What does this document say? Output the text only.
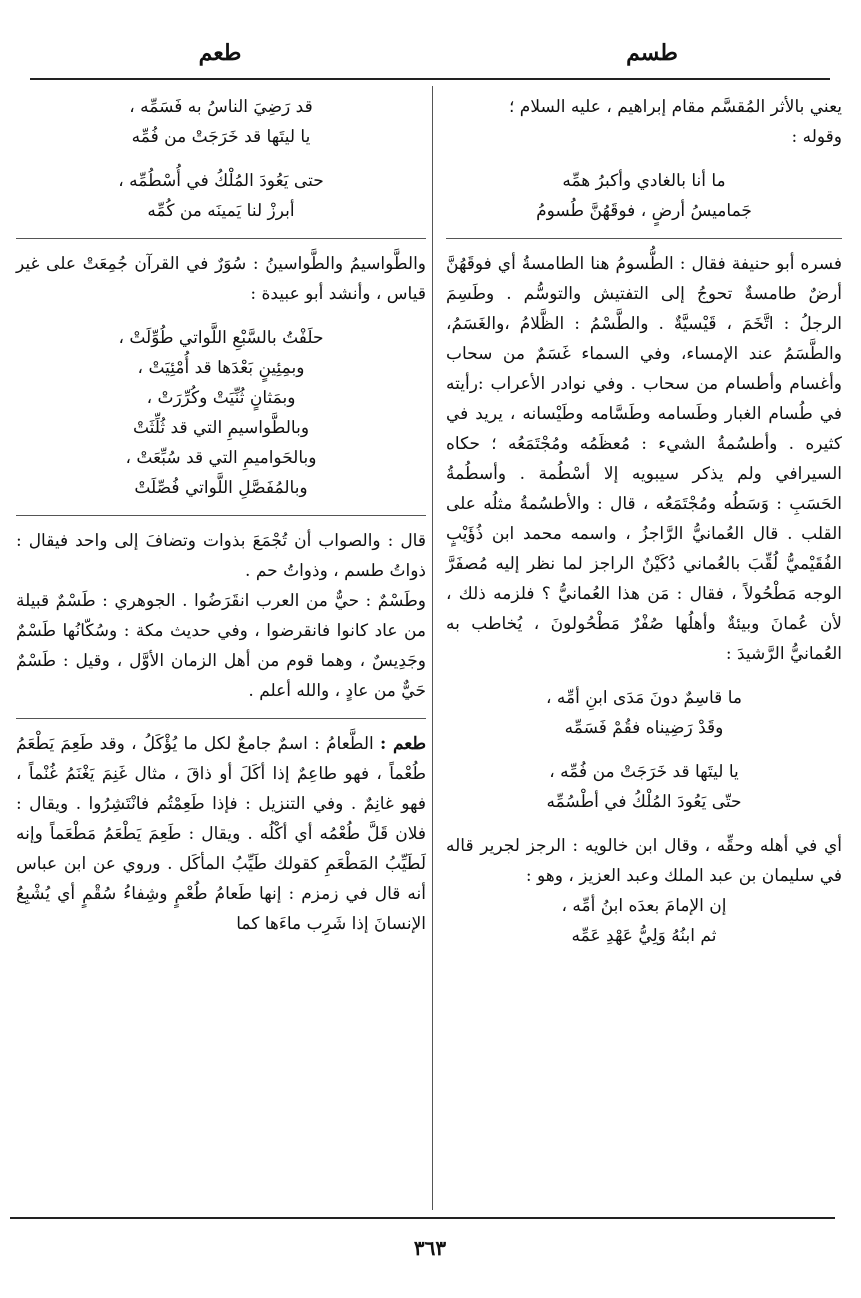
طسم
طعم

يعني بالأثر المُقسَّم مقام إبراهيم ، عليه السلام ؛

وقوله :

ما أنا بالغادي وأكبرُ همِّه

جَماميسُ أرضٍ ، فوقَهُنَّ طُسومُ

فسره أبو حنيفة فقال : الطُّسومُ هنا الطامسةُ أي فوقَهُنَّ أرضٌ طامسةٌ تحوجُ إلى التفتيش والتوسُّم . وطَسِمَ الرجلُ : اتَّخَمَ ، قَيْسيَّةٌ . والطَّسْمُ : الظَّلامُ ،والغَسَمُ، والطَّسَمُ عند الإمساء، وفي السماء غَسَمٌ من سحاب وأغسام وأطسام من سحاب . وفي نوادر الأعراب :رأيته في طُسام الغبار وطَسامه وطَسَّامه وطَيْسانه ، يريد في كثيره . وأطسُمةُ الشيء : مُعظَمُه ومُجْتَمَعُه ؛ حكاه السيرافي ولم يذكر سيبويه إلا أسْطُمة . وأسطُمةُ الحَسَبِ : وَسَطُه ومُجْتَمَعُه ، قال : والأطسُمةُ مثلُه على القلب . قال العُمانيُّ الرَّاجزُ ، واسمه محمد ابن ذُؤَيْبٍ الفُقَيْميُّ لُقِّبَ بالعُماني دُكَيْنٌ الراجز لما نظر إليه مُصفَرَّ الوجه مَطْحُولاً ، فقال : مَن هذا العُمانيُّ ؟ فلزمه ذلك ، لأن عُمانَ وبيئةٌ وأهلُها صُفْرٌ مَطْحُولونَ ، يُخاطب به العُمانيُّ الرَّشيدَ :

ما قاسِمٌ دونَ مَدَى ابنِ أمِّه ،

وقَدْ رَضِيناه فقُمْ فَسَمِّه

يا ليتَها قد خَرَجَتْ من فُمِّه ،

حتّى يَعُودَ المُلْكُ في أطْسُمِّه

أي في أهله وحقِّه ، وقال ابن خالويه : الرجز لجرير قاله في سليمان بن عبد الملك وعبد العزيز ، وهو :

إن الإمامَ بعدَه ابنُ أمِّه ،

ثم ابنُهُ وَلِيُّ عَهْدِ عَمِّه

قد رَضِيَ الناسُ به فَسَمِّه ،

يا ليتَها قد خَرَجَتْ من فُمِّه

حتى يَعُودَ المُلْكُ في أُسْطُمِّه ،

أبرزْ لنا يَمينَه من كُمِّه

والطَّواسيمُ والطَّواسينُ : سُوَرٌ في القرآن جُمِعَتْ على غير قياس ، وأنشد أبو عبيدة :

حلَفْتُ بالسَّبْعِ اللَّواتي طُوِّلَتْ ،

وبمِئِينٍ بَعْدَها قد أُمْئِيَتْ ،

وبمَثانٍ ثُنِّيَتْ وكُرِّرَتْ ،

وبالطَّواسيمِ التي قد ثُلِّثَتْ

وبالحَواميمِ التي قد سُبِّعَتْ ،

وبالمُفَصَّلِ اللَّواتي فُصِّلَتْ

قال : والصواب أن تُجْمَعَ بذوات وتضافَ إلى واحد فيقال : ذواتُ طسم ، وذواتُ حم .

وطَسْمٌ : حيٌّ من العرب انقَرَضُوا . الجوهري : طَسْمٌ قبيلة من عاد كانوا فانقرضوا ، وفي حديث مكة : وسُكّانُها طَسْمٌ وجَدِيسٌ ، وهما قوم من أهل الزمان الأوَّل ، وقيل : طَسْمٌ حَيٌّ من عادٍ ، والله أعلم .

طعم : الطَّعامُ : اسمٌ جامعٌ لكل ما يُؤْكَلُ ، وقد طَعِمَ يَطْعَمُ طُعْماً ، فهو طاعِمٌ إذا أكَلَ أو ذاقَ ، مثال غَنِمَ يَغْنَمُ غُنْماً ، فهو غانِمٌ . وفي التنزيل : فإذا طَعِمْتُم فانْتَشِرُوا . ويقال : فلان قَلَّ طُعْمُه أي أكْلُه . ويقال : طَعِمَ يَطْعَمُ مَطْعَماً وإنه لَطَيِّبُ المَطْعَمِ كقولك طَيِّبُ المأكَل . وروي عن ابن عباس أنه قال في زمزم : إنها طَعامُ طُعْمٍ وشِفاءُ سُقْمٍ أي يُشْبِعُ الإنسانَ إذا شَرِب ماءَها كما

٣٦٣
